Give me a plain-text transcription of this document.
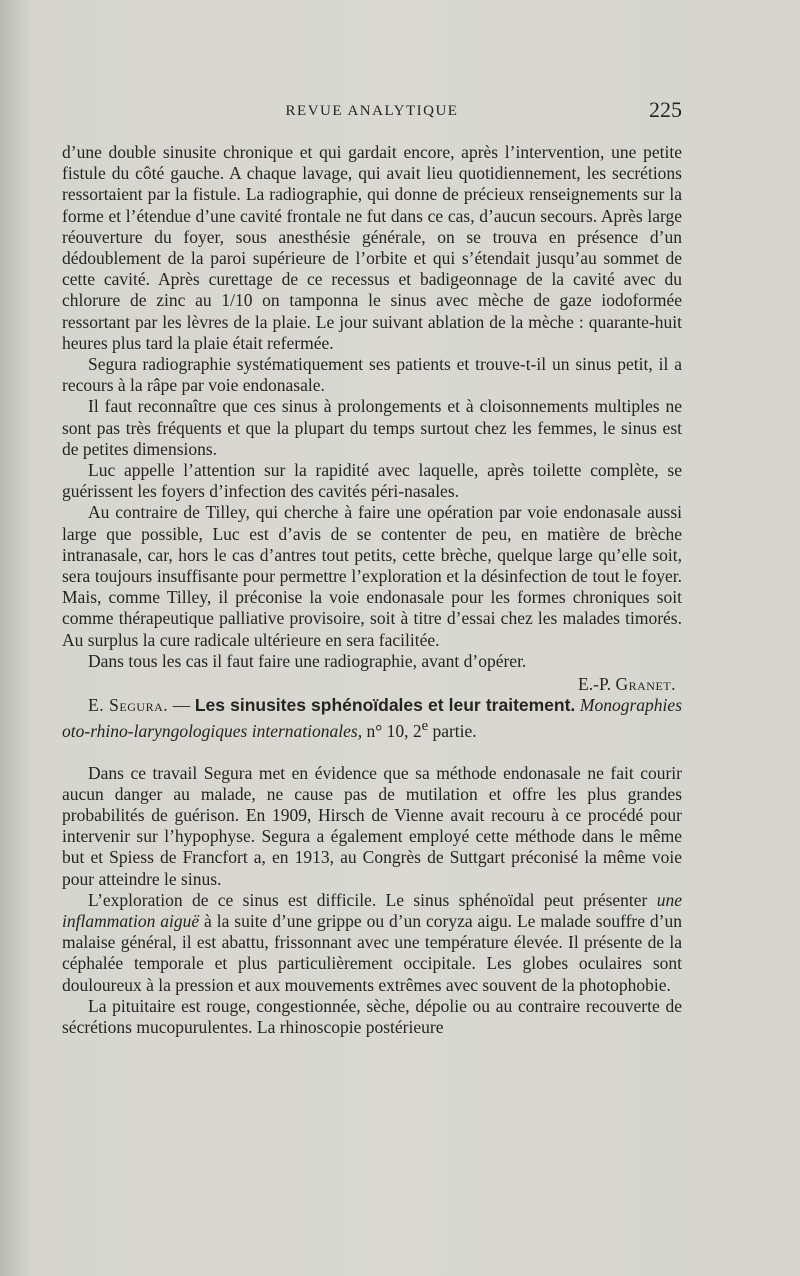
REVUE ANALYTIQUE	225

d’une double sinusite chronique et qui gardait encore, après l’intervention, une petite fistule du côté gauche. A chaque lavage, qui avait lieu quotidiennement, les secrétions ressortaient par la fistule. La radiographie, qui donne de précieux renseignements sur la forme et l’étendue d’une cavité frontale ne fut dans ce cas, d’aucun secours. Après large réouverture du foyer, sous anesthésie générale, on se trouva en présence d’un dédoublement de la paroi supérieure de l’orbite et qui s’étendait jusqu’au sommet de cette cavité. Après curettage de ce recessus et badigeonnage de la cavité avec du chlorure de zinc au 1/10 on tamponna le sinus avec mèche de gaze iodoformée ressortant par les lèvres de la plaie. Le jour suivant ablation de la mèche : quarante-huit heures plus tard la plaie était refermée.

Segura radiographie systématiquement ses patients et trouve-t-il un sinus petit, il a recours à la râpe par voie endonasale.

Il faut reconnaître que ces sinus à prolongements et à cloisonnements multiples ne sont pas très fréquents et que la plupart du temps surtout chez les femmes, le sinus est de petites dimensions.

Luc appelle l’attention sur la rapidité avec laquelle, après toilette complète, se guérissent les foyers d’infection des cavités péri-nasales.

Au contraire de Tilley, qui cherche à faire une opération par voie endonasale aussi large que possible, Luc est d’avis de se contenter de peu, en matière de brèche intranasale, car, hors le cas d’antres tout petits, cette brèche, quelque large qu’elle soit, sera toujours insuffisante pour permettre l’exploration et la désinfection de tout le foyer. Mais, comme Tilley, il préconise la voie endonasale pour les formes chroniques soit comme thérapeutique palliative provisoire, soit à titre d’essai chez les malades timorés. Au surplus la cure radicale ultérieure en sera facilitée.

Dans tous les cas il faut faire une radiographie, avant d’opérer.

E.-P. Granet.

E. Segura. — Les sinusites sphénoïdales et leur traitement. Monographies oto-rhino-laryngologiques internationales, n° 10, 2e partie.

Dans ce travail Segura met en évidence que sa méthode endonasale ne fait courir aucun danger au malade, ne cause pas de mutilation et offre les plus grandes probabilités de guérison. En 1909, Hirsch de Vienne avait recouru à ce procédé pour intervenir sur l’hypophyse. Segura a également employé cette méthode dans le même but et Spiess de Francfort a, en 1913, au Congrès de Suttgart préconisé la même voie pour atteindre le sinus.

L’exploration de ce sinus est difficile. Le sinus sphénoïdal peut présenter une inflammation aiguë à la suite d’une grippe ou d’un coryza aigu. Le malade souffre d’un malaise général, il est abattu, frissonnant avec une température élevée. Il présente de la céphalée temporale et plus particulièrement occipitale. Les globes oculaires sont douloureux à la pression et aux mouvements extrêmes avec souvent de la photophobie.

La pituitaire est rouge, congestionnée, sèche, dépolie ou au contraire recouverte de sécrétions mucopurulentes. La rhinoscopie postérieure
